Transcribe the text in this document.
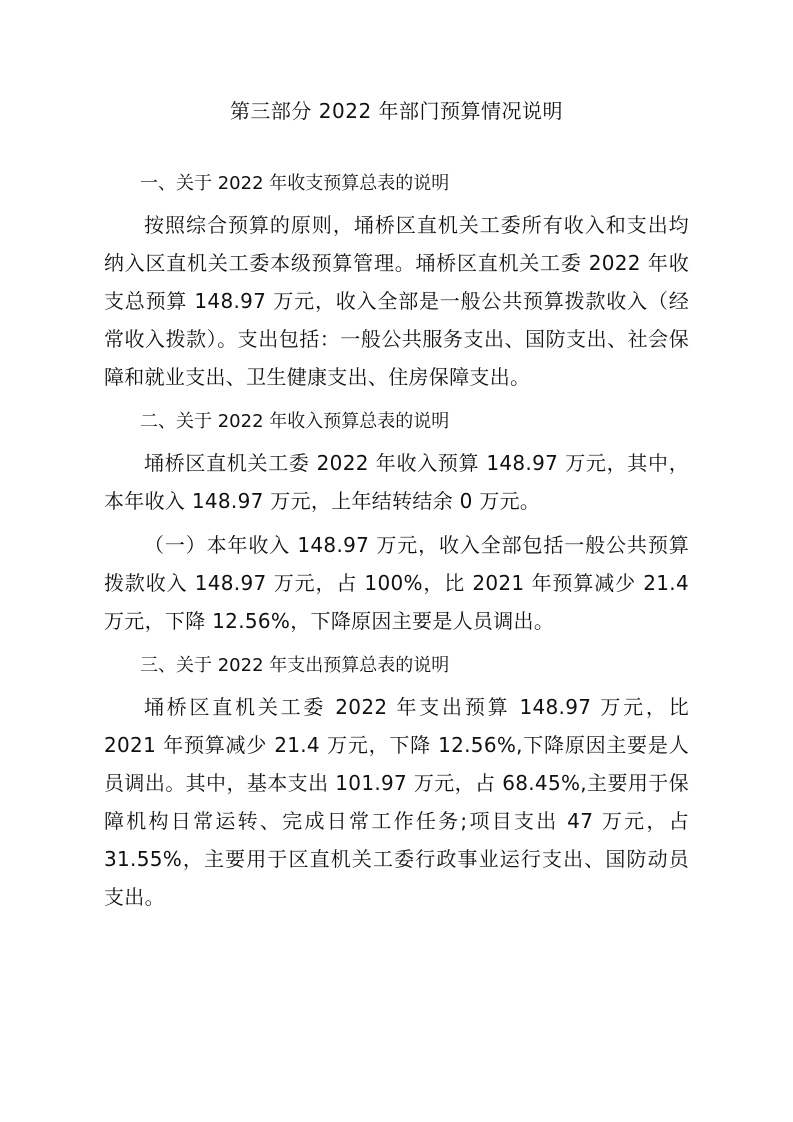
第三部分 2022 年部门预算情况说明
一、关于 2022 年收支预算总表的说明

按照综合预算的原则，埇桥区直机关工委所有收入和支出均纳入区直机关工委本级预算管理。埇桥区直机关工委 2022 年收支总预算 148.97 万元，收入全部是一般公共预算拨款收入（经常收入拨款）。支出包括：一般公共服务支出、国防支出、社会保障和就业支出、卫生健康支出、住房保障支出。

二、关于 2022 年收入预算总表的说明

埇桥区直机关工委 2022 年收入预算 148.97 万元，其中，本年收入 148.97 万元，上年结转结余 0 万元。

（一）本年收入 148.97 万元，收入全部包括一般公共预算拨款收入 148.97 万元，占 100%，比 2021 年预算减少 21.4 万元，下降 12.56%，下降原因主要是人员调出。

三、关于 2022 年支出预算总表的说明

埇桥区直机关工委 2022 年支出预算 148.97 万元，比 2021 年预算减少 21.4 万元，下降 12.56%,下降原因主要是人员调出。其中，基本支出 101.97 万元，占 68.45%,主要用于保障机构日常运转、完成日常工作任务;项目支出 47 万元，占 31.55%，主要用于区直机关工委行政事业运行支出、国防动员支出。
